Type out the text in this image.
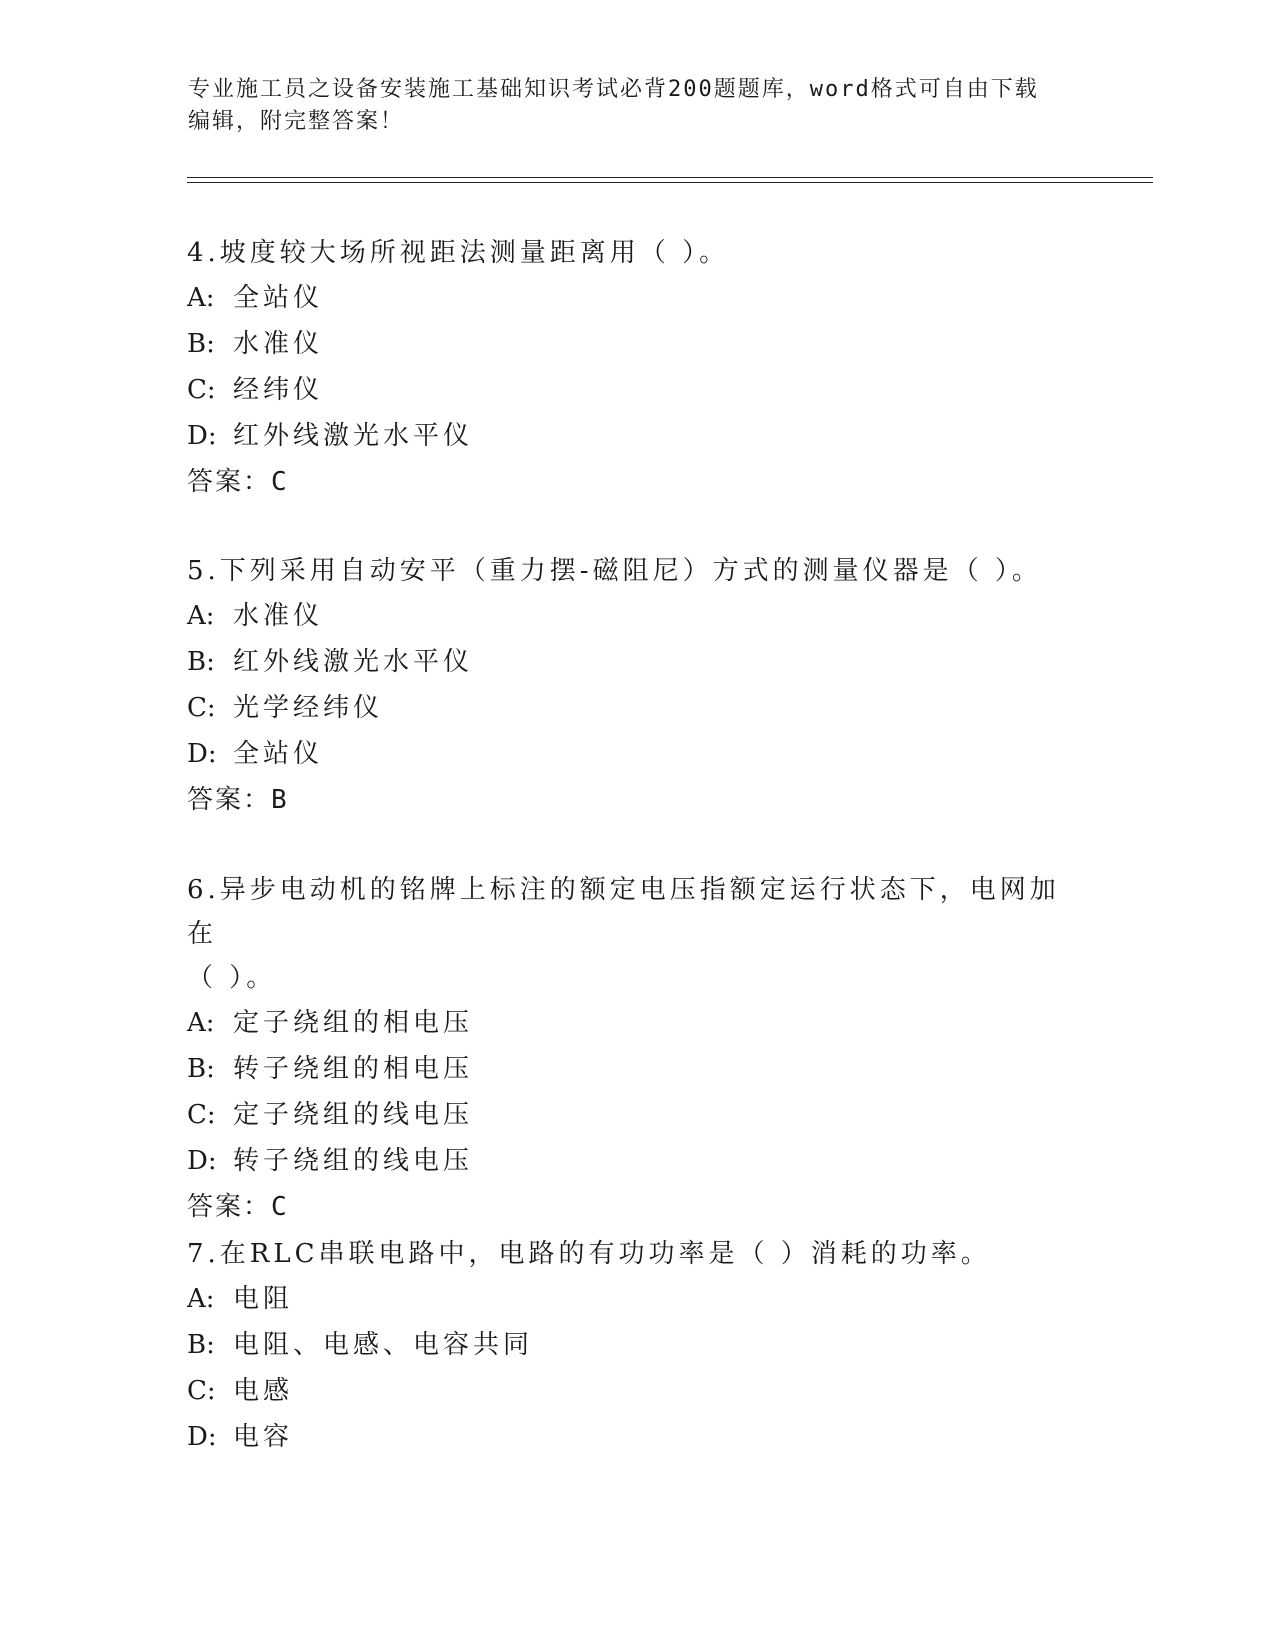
专业施工员之设备安装施工基础知识考试必背200题题库，word格式可自由下载
编辑，附完整答案！

4.坡度较大场所视距法测量距离用（ ）。

A: 全站仪

B: 水准仪

C: 经纬仪

D: 红外线激光水平仪

答案：C

5.下列采用自动安平（重力摆-磁阻尼）方式的测量仪器是（ ）。

A: 水准仪

B: 红外线激光水平仪

C: 光学经纬仪

D: 全站仪

答案：B

6.异步电动机的铭牌上标注的额定电压指额定运行状态下，电网加在
（ ）。

A: 定子绕组的相电压

B: 转子绕组的相电压

C: 定子绕组的线电压

D: 转子绕组的线电压

答案：C

7.在RLC串联电路中，电路的有功功率是（ ）消耗的功率。

A: 电阻

B: 电阻、电感、电容共同

C: 电感

D: 电容
